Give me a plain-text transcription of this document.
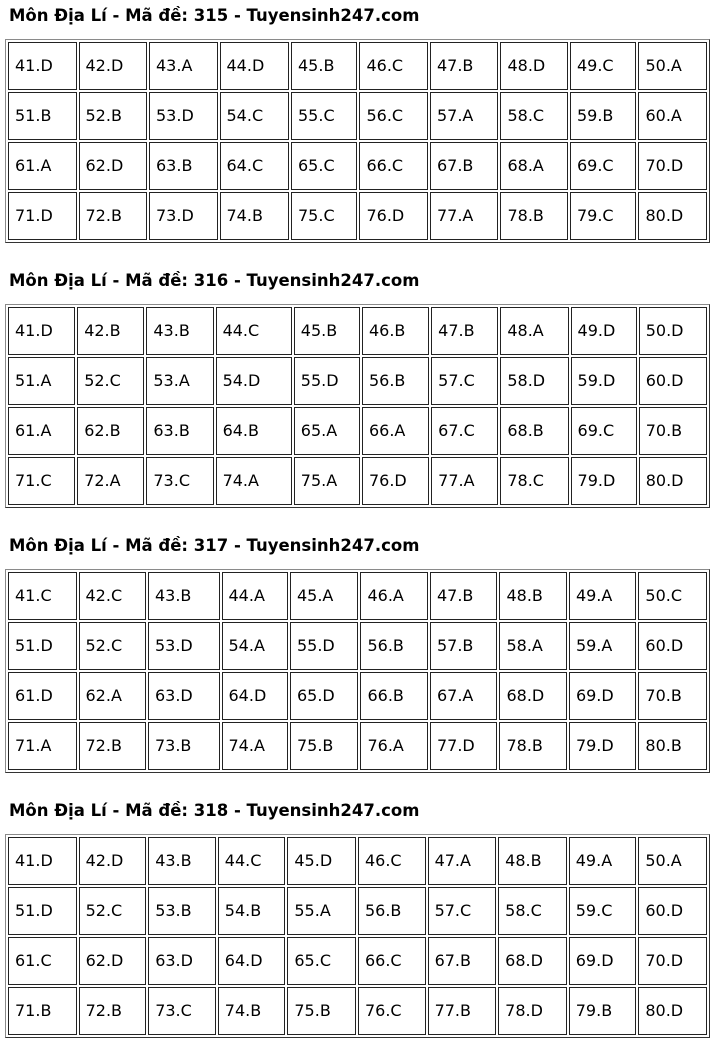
Môn Địa Lí - Mã đề: 315 - Tuyensinh247.com
41.D	42.D	43.A	44.D	45.B	46.C	47.B	48.D	49.C	50.A
51.B	52.B	53.D	54.C	55.C	56.C	57.A	58.C	59.B	60.A
61.A	62.D	63.B	64.C	65.C	66.C	67.B	68.A	69.C	70.D
71.D	72.B	73.D	74.B	75.C	76.D	77.A	78.B	79.C	80.D
Môn Địa Lí - Mã đề: 316 - Tuyensinh247.com
41.D	42.B	43.B	44.C	45.B	46.B	47.B	48.A	49.D	50.D
51.A	52.C	53.A	54.D	55.D	56.B	57.C	58.D	59.D	60.D
61.A	62.B	63.B	64.B	65.A	66.A	67.C	68.B	69.C	70.B
71.C	72.A	73.C	74.A	75.A	76.D	77.A	78.C	79.D	80.D
Môn Địa Lí - Mã đề: 317 - Tuyensinh247.com
41.C	42.C	43.B	44.A	45.A	46.A	47.B	48.B	49.A	50.C
51.D	52.C	53.D	54.A	55.D	56.B	57.B	58.A	59.A	60.D
61.D	62.A	63.D	64.D	65.D	66.B	67.A	68.D	69.D	70.B
71.A	72.B	73.B	74.A	75.B	76.A	77.D	78.B	79.D	80.B
Môn Địa Lí - Mã đề: 318 - Tuyensinh247.com
41.D	42.D	43.B	44.C	45.D	46.C	47.A	48.B	49.A	50.A
51.D	52.C	53.B	54.B	55.A	56.B	57.C	58.C	59.C	60.D
61.C	62.D	63.D	64.D	65.C	66.C	67.B	68.D	69.D	70.D
71.B	72.B	73.C	74.B	75.B	76.C	77.B	78.D	79.B	80.D
